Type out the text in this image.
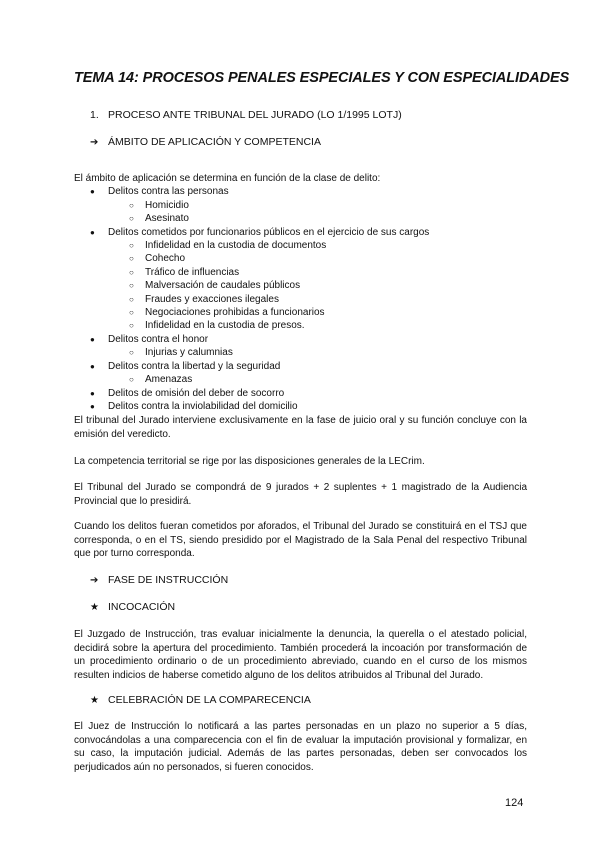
TEMA 14: PROCESOS PENALES ESPECIALES Y CON ESPECIALIDADES
1. PROCESO ANTE TRIBUNAL DEL JURADO (LO 1/1995 LOTJ)
➔ ÁMBITO DE APLICACIÓN Y COMPETENCIA
El ámbito de aplicación se determina en función de la clase de delito:
● Delitos contra las personas
○ Homicidio
○ Asesinato
● Delitos cometidos por funcionarios públicos en el ejercicio de sus cargos
○ Infidelidad en la custodia de documentos
○ Cohecho
○ Tráfico de influencias
○ Malversación de caudales públicos
○ Fraudes y exacciones ilegales
○ Negociaciones prohibidas a funcionarios
○ Infidelidad en la custodia de presos.
● Delitos contra el honor
○ Injurias y calumnias
● Delitos contra la libertad y la seguridad
○ Amenazas
● Delitos de omisión del deber de socorro
● Delitos contra la inviolabilidad del domicilio
El tribunal del Jurado interviene exclusivamente en la fase de juicio oral y su función concluye con la emisión del veredicto.
La competencia territorial se rige por las disposiciones generales de la LECrim.
El Tribunal del Jurado se compondrá de 9 jurados + 2 suplentes + 1 magistrado de la Audiencia Provincial que lo presidirá.
Cuando los delitos fueran cometidos por aforados, el Tribunal del Jurado se constituirá en el TSJ que corresponda, o en el TS, siendo presidido por el Magistrado de la Sala Penal del respectivo Tribunal que por turno corresponda.
➔ FASE DE INSTRUCCIÓN
★ INCOCACIÓN
El Juzgado de Instrucción, tras evaluar inicialmente la denuncia, la querella o el atestado policial, decidirá sobre la apertura del procedimiento. También procederá la incoación por transformación de un procedimiento ordinario o de un procedimiento abreviado, cuando en el curso de los mismos resulten indicios de haberse cometido alguno de los delitos atribuidos al Tribunal del Jurado.
★ CELEBRACIÓN DE LA COMPARECENCIA
El Juez de Instrucción lo notificará a las partes personadas en un plazo no superior a 5 días, convocándolas a una comparecencia con el fin de evaluar la imputación provisional y formalizar, en su caso, la imputación judicial. Además de las partes personadas, deben ser convocados los perjudicados aún no personados, si fueren conocidos.
124
